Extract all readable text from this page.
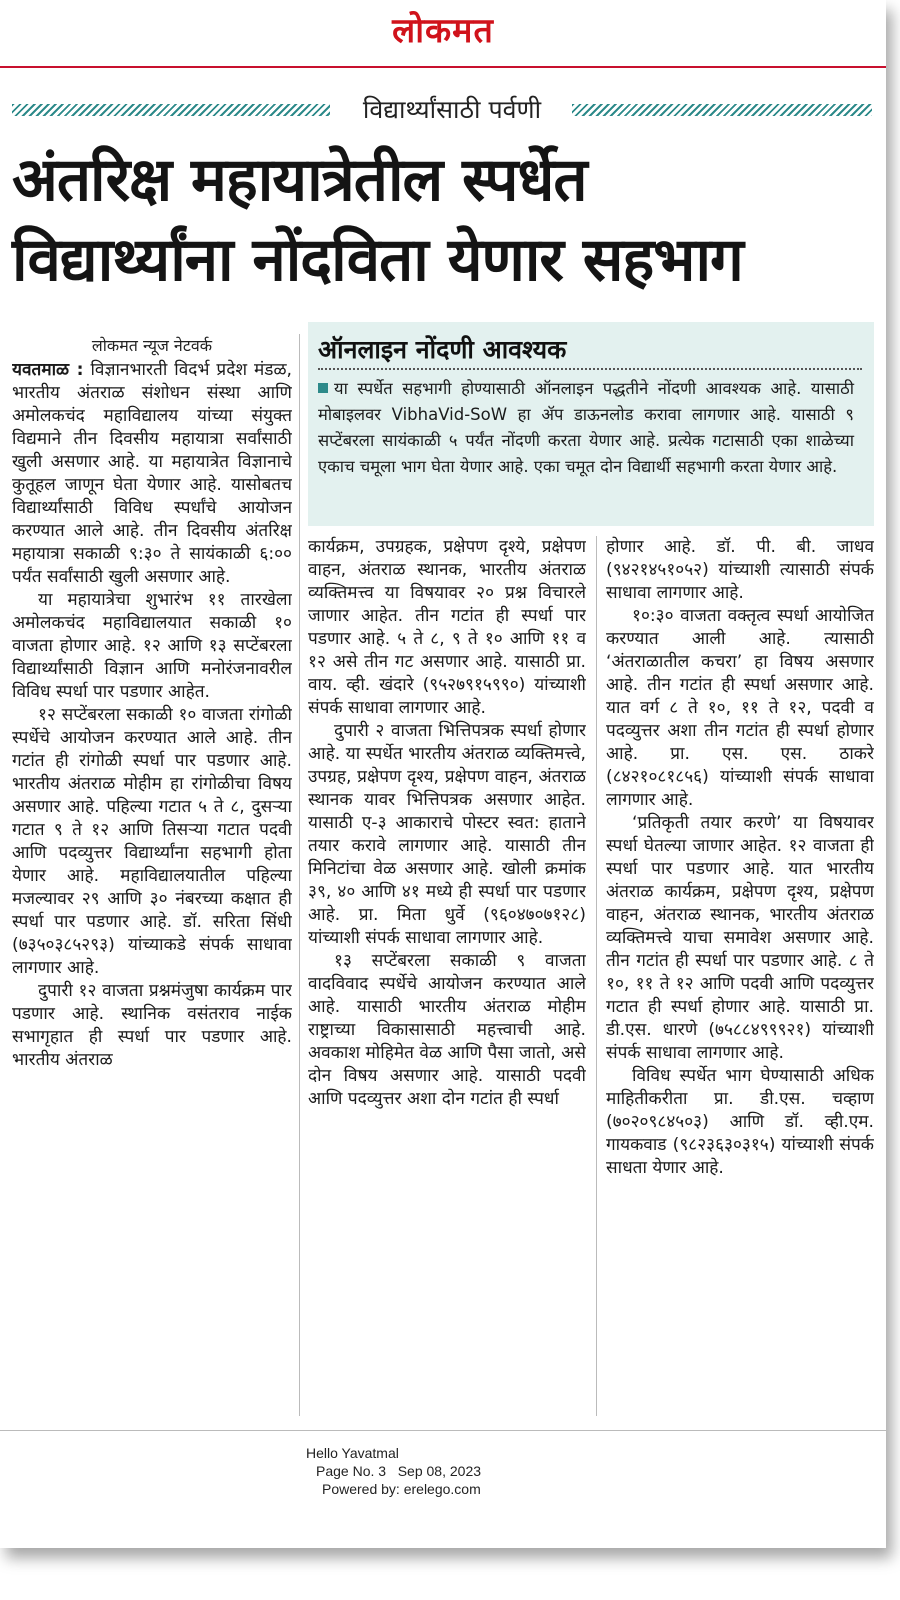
लोकमत
विद्यार्थ्यांसाठी पर्वणी
अंतरिक्ष महायात्रेतील स्पर्धेत
विद्यार्थ्यांना नोंदविता येणार सहभाग
लोकमत न्यूज नेटवर्क

यवतमाळ : विज्ञानभारती विदर्भ प्रदेश मंडळ, भारतीय अंतराळ संशोधन संस्था आणि अमोलकचंद महाविद्यालय यांच्या संयुक्त विद्यमाने तीन दिवसीय महायात्रा सर्वांसाठी खुली असणार आहे. या महायात्रेत विज्ञानाचे कुतूहल जाणून घेता येणार आहे. यासोबतच विद्यार्थ्यांसाठी विविध स्पर्धांचे आयोजन करण्यात आले आहे. तीन दिवसीय अंतरिक्ष महायात्रा सकाळी ९:३० ते सायंकाळी ६:०० पर्यंत सर्वांसाठी खुली असणार आहे.

या महायात्रेचा शुभारंभ ११ तारखेला अमोलकचंद महाविद्यालयात सकाळी १० वाजता होणार आहे. १२ आणि १३ सप्टेंबरला विद्यार्थ्यांसाठी विज्ञान आणि मनोरंजनावरील विविध स्पर्धा पार पडणार आहेत.

१२ सप्टेंबरला सकाळी १० वाजता रांगोळी स्पर्धेचे आयोजन करण्यात आले आहे. तीन गटांत ही रांगोळी स्पर्धा पार पडणार आहे. भारतीय अंतराळ मोहीम हा रांगोळीचा विषय असणार आहे. पहिल्या गटात ५ ते ८, दुसऱ्या गटात ९ ते १२ आणि तिसऱ्या गटात पदवी आणि पदव्युत्तर विद्यार्थ्यांना सहभागी होता येणार आहे. महाविद्यालयातील पहिल्या मजल्यावर २९ आणि ३० नंबरच्या कक्षात ही स्पर्धा पार पडणार आहे. डॉ. सरिता सिंधी (७३५०३८५२९३) यांच्याकडे संपर्क साधावा लागणार आहे.

दुपारी १२ वाजता प्रश्नमंजुषा कार्यक्रम पार पडणार आहे. स्थानिक वसंतराव नाईक सभागृहात ही स्पर्धा पार पडणार आहे. भारतीय अंतराळ

ऑनलाइन नोंदणी आवश्यक
या स्पर्धेत सहभागी होण्यासाठी ऑनलाइन पद्धतीने नोंदणी आवश्यक आहे. यासाठी मोबाइलवर VibhaVid-SoW हा ॲप डाऊनलोड करावा लागणार आहे. यासाठी ९ सप्टेंबरला सायंकाळी ५ पर्यंत नोंदणी करता येणार आहे. प्रत्येक गटासाठी एका शाळेच्या एकाच चमूला भाग घेता येणार आहे. एका चमूत दोन विद्यार्थी सहभागी करता येणार आहे.

कार्यक्रम, उपग्रहक, प्रक्षेपण दृश्ये, प्रक्षेपण वाहन, अंतराळ स्थानक, भारतीय अंतराळ व्यक्तिमत्त्व या विषयावर २० प्रश्न विचारले जाणार आहेत. तीन गटांत ही स्पर्धा पार पडणार आहे. ५ ते ८, ९ ते १० आणि ११ व १२ असे तीन गट असणार आहे. यासाठी प्रा. वाय. व्ही. खंदारे (९५२७९१५९९०) यांच्याशी संपर्क साधावा लागणार आहे.

दुपारी २ वाजता भित्तिपत्रक स्पर्धा होणार आहे. या स्पर्धेत भारतीय अंतराळ व्यक्तिमत्त्वे, उपग्रह, प्रक्षेपण दृश्य, प्रक्षेपण वाहन, अंतराळ स्थानक यावर भित्तिपत्रक असणार आहेत. यासाठी ए-३ आकाराचे पोस्टर स्वत: हाताने तयार करावे लागणार आहे. यासाठी तीन मिनिटांचा वेळ असणार आहे. खोली क्रमांक ३९, ४० आणि ४१ मध्ये ही स्पर्धा पार पडणार आहे. प्रा. मिता धुर्वे (९६०४७०७१२८) यांच्याशी संपर्क साधावा लागणार आहे.

१३ सप्टेंबरला सकाळी ९ वाजता वादविवाद स्पर्धेचे आयोजन करण्यात आले आहे. यासाठी भारतीय अंतराळ मोहीम राष्ट्राच्या विकासासाठी महत्त्वाची आहे. अवकाश मोहिमेत वेळ आणि पैसा जातो, असे दोन विषय असणार आहे. यासाठी पदवी आणि पदव्युत्तर अशा दोन गटांत ही स्पर्धा

होणार आहे. डॉ. पी. बी. जाधव (९४२१४५१०५२) यांच्याशी त्यासाठी संपर्क साधावा लागणार आहे.

१०:३० वाजता वक्तृत्व स्पर्धा आयोजित करण्यात आली आहे. त्यासाठी ‘अंतराळातील कचरा’ हा विषय असणार आहे. तीन गटांत ही स्पर्धा असणार आहे. यात वर्ग ८ ते १०, ११ ते १२, पदवी व पदव्युत्तर अशा तीन गटांत ही स्पर्धा होणार आहे. प्रा. एस. एस. ठाकरे (८४२१०८१८५६) यांच्याशी संपर्क साधावा लागणार आहे.

‘प्रतिकृती तयार करणे’ या विषयावर स्पर्धा घेतल्या जाणार आहेत. १२ वाजता ही स्पर्धा पार पडणार आहे. यात भारतीय अंतराळ कार्यक्रम, प्रक्षेपण दृश्य, प्रक्षेपण वाहन, अंतराळ स्थानक, भारतीय अंतराळ व्यक्तिमत्त्वे याचा समावेश असणार आहे. तीन गटांत ही स्पर्धा पार पडणार आहे. ८ ते १०, ११ ते १२ आणि पदवी आणि पदव्युत्तर गटात ही स्पर्धा होणार आहे. यासाठी प्रा. डी.एस. धारणे (७५८८४९९९२१) यांच्याशी संपर्क साधावा लागणार आहे.

विविध स्पर्धेत भाग घेण्यासाठी अधिक माहितीकरीता प्रा. डी.एस. चव्हाण (७०२०९८४५०३) आणि डॉ. व्ही.एम. गायकवाड (९८२३६३०३१५) यांच्याशी संपर्क साधता येणार आहे.

Hello Yavatmal
Page No. 3   Sep 08, 2023
Powered by: erelego.com
